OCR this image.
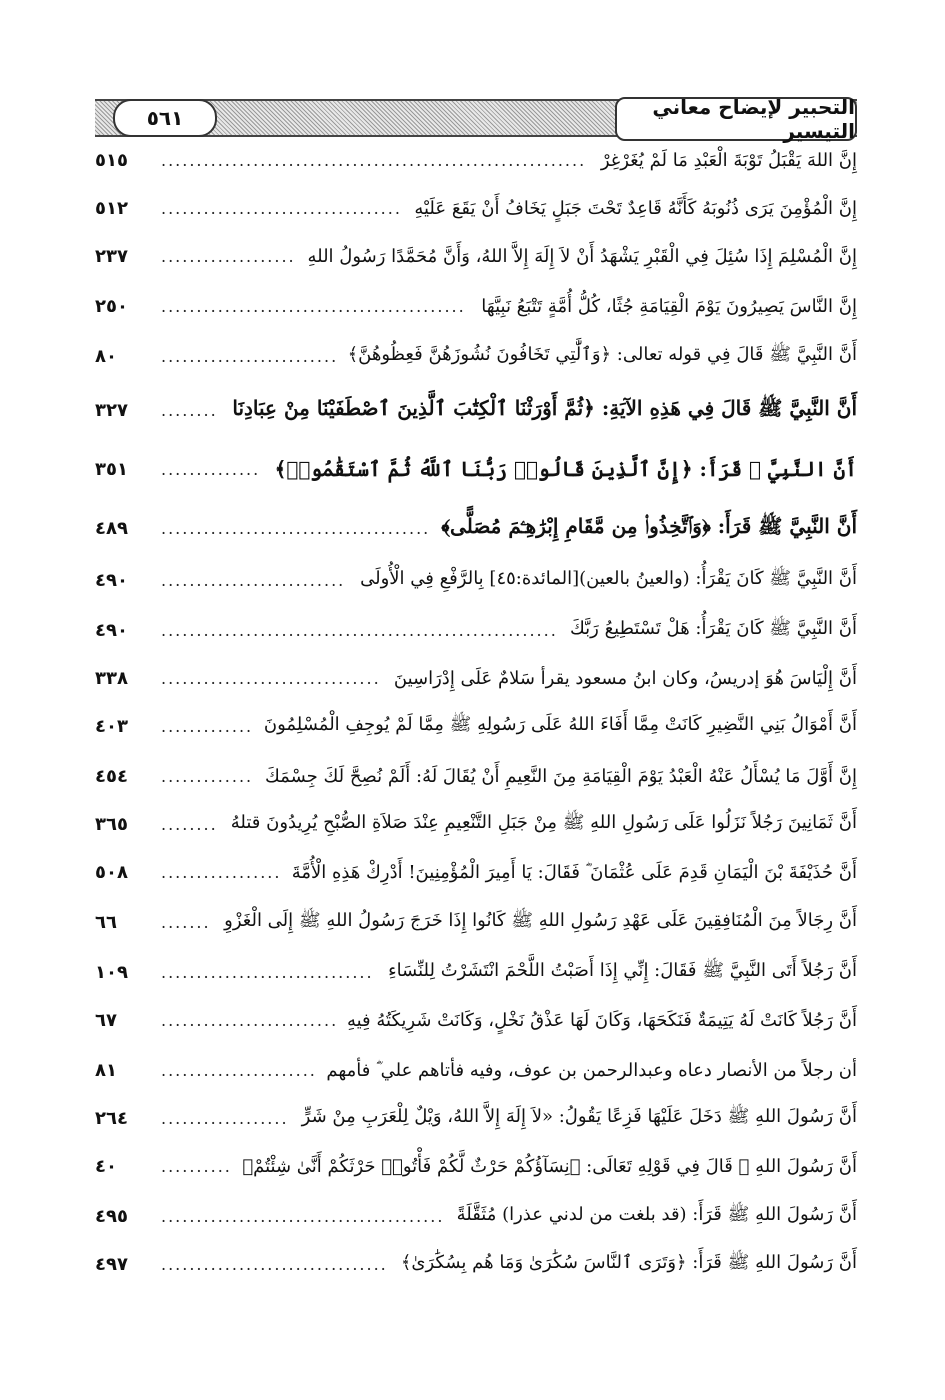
٥٦١	التحبير لإيضاح معاني التيسير
٥١٥	............................................................ إِنَّ اللهَ يَقْبَلُ تَوْبَةَ الْعَبْدِ مَا لَمْ يُغَرْغِرْ
٥١٢	.................................. إِنَّ الْمُؤْمِنَ يَرَى ذُنُوبَهُ كَأَنَّهُ قَاعِدٌ تَحْتَ جَبَلٍ يَخَافُ أَنْ يَقَعَ عَلَيْهِ
٢٣٧	................... إِنَّ الْمُسْلِمَ إِذَا سُئِلَ فِي الْقَبْرِ يَشْهَدُ أَنْ لاَ إِلَهَ إِلاَّ اللهُ، وَأَنَّ مُحَمَّدًا رَسُولُ اللهِ
٢٥٠	........................................... إِنَّ النَّاسَ يَصِيرُونَ يَوْمَ الْقِيَامَةِ جُثًا، كُلُّ أُمَّةٍ تَتْبَعُ نَبِيَّهَا
٨٠	......................... أَنَّ النَّبِيَّ ﷺ قَالَ فِي قوله تعالى: ﴿وَٱلَّٰتِي تَخَافُونَ نُشُوزَهُنَّ فَعِظُوهُنَّ﴾
٣٢٧	........ أَنَّ النَّبِيَّ ﷺ قَالَ فِي هَذِهِ الآيَةِ: ﴿ثُمَّ أَوْرَثْنَا ٱلْكِتَٰبَ ٱلَّذِينَ ٱصْطَفَيْنَا مِنْ عِبَادِنَا
٣٥١	.............. أَنَّ النَّبِيَّ ﷺ قَرَأَ: ﴿إِنَّ ٱلَّذِينَ قَالُوا۟ رَبُّنَا ٱللَّهُ ثُمَّ ٱسْتَقَٰمُوا۟﴾
٤٨٩	...................................... أَنَّ النَّبِيَّ ﷺ قَرَأَ: ﴿وَٱتَّخِذُوا۟ مِن مَّقَامِ إِبْرَٰهِـۧمَ مُصَلًّى﴾
٤٩٠	.......................... أَنَّ النَّبِيَّ ﷺ كَانَ يَقْرَأُ: (والعينُ بالعين)[المائدة:٤٥] بِالرَّفْعِ فِي الْأُولَى
٤٩٠	........................................................ أَنَّ النَّبِيَّ ﷺ كَانَ يَقْرَأُ: هَلْ تَسْتَطِيعُ رَبَّكَ
٣٣٨	............................... أَنَّ إِلْيَاسَ هُوَ إدريسُ، وكان ابنُ مسعود يقرأ سَلامٌ عَلَى إِدْرَاسِينَ
٤٠٣	............. أَنَّ أَمْوَالُ بَنِي النَّضِيرِ كَانَتْ مِمَّا أَفَاءَ اللهُ عَلَى رَسُولِهِ ﷺ مِمَّا لَمْ يُوجِفِ الْمُسْلِمُونَ
٤٥٤	............. إِنَّ أَوَّلَ مَا يُسْأَلُ عَنْهُ الْعَبْدُ يَوْمَ الْقِيَامَةِ مِنَ النَّعِيمِ أَنْ يُقَالَ لَهُ: أَلَمْ نُصِحَّ لَكَ جِسْمَكَ
٣٦٥	........ أَنَّ ثَمَانِينَ رَجُلاً نَزَلُوا عَلَى رَسُولِ اللهِ ﷺ مِنْ جَبَلِ التَّنْعِيمِ عِنْدَ صَلاَةِ الصُّبْحِ يُرِيدُونَ قتلهُ
٥٠٨	................. أَنَّ حُذَيْفَةَ بْنَ الْيَمَانِ قَدِمَ عَلَى عُثْمَانَ ؓ فَقَالَ: يَا أَمِيرَ الْمُؤْمِنِينَ! أَدْرِكْ هَذِهِ الْأُمَّةَ
٦٦	....... أَنَّ رِجَالاً مِنَ الْمُنَافِقِينَ عَلَى عَهْدِ رَسُولِ اللهِ ﷺ كَانُوا إِذَا خَرَجَ رَسُولُ اللهِ ﷺ إِلَى الْغَزْوِ
١٠٩	.............................. أَنَّ رَجُلاً أَتَى النَّبِيَّ ﷺ فَقَالَ: إِنِّي إِذَا أَصَبْتُ اللَّحْمَ انْتَشَرْتُ لِلنِّسَاءِ
٦٧	......................... أَنَّ رَجُلاً كَانَتْ لَهُ يَتِيمَةٌ فَنَكَحَهَا، وَكَانَ لَهَا عَذْقُ نَخْلٍ، وَكَانَتْ شَرِيكَتُهُ فِيهِ
٨١	...................... أن رجلاً من الأنصار دعاه وعبدالرحمن بن عوف، وفيه فأتاهم علي ؓ فأمهم
٢٦٤	.................. أَنَّ رَسُولَ اللهِ ﷺ دَخَلَ عَلَيْهَا فَزِعًا يَقُولُ: «لاَ إِلَهَ إِلاَّ اللهُ، وَيْلٌ لِلْعَرَبِ مِنْ شَرٍّ
٤٠	.......... أَنَّ رَسُولَ اللهِ ﷺ قَالَ فِي قَوْلِهِ تَعَالَى: ﴿نِسَآؤُكُمْ حَرْثٌ لَّكُمْ فَأْتُوا۟ حَرْثَكُمْ أَنَّىٰ شِئْتُمْ﴾
٤٩٥	........................................ أَنَّ رَسُولَ اللهِ ﷺ قَرَأَ: (قد بلغت من لدني عذرا) مُثَقَّلَةً
٤٩٧	................................ أَنَّ رَسُولَ اللهِ ﷺ قَرَأَ: ﴿وَتَرَى ٱلنَّاسَ سُكَٰرَىٰ وَمَا هُم بِسُكَٰرَىٰ﴾
